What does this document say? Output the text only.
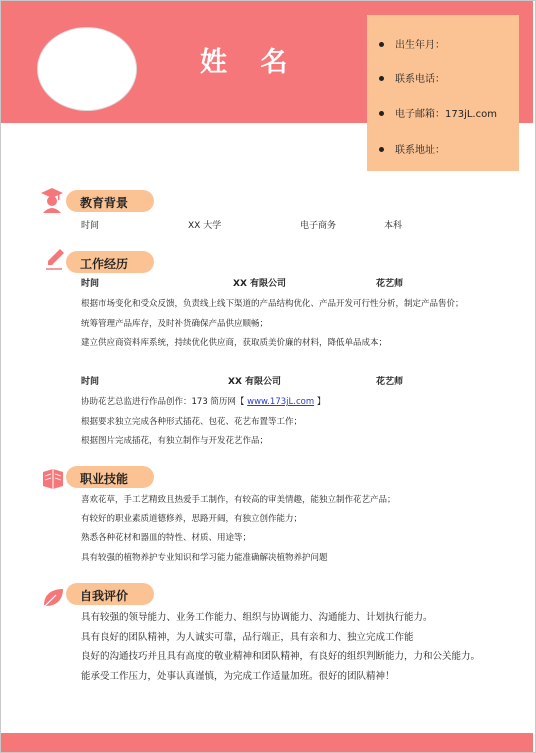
姓 名
出生年月：
联系电话：
电子邮箱：173jL.com
联系地址：
教育背景
时间	XX 大学	电子商务	本科
工作经历
时间	XX 有限公司	花艺师
根据市场变化和受众反馈，负责线上线下渠道的产品结构优化、产品开发可行性分析，制定产品售价；
统筹管理产品库存，及时补货确保产品供应顺畅；
建立供应商资料库系统，持续优化供应商，获取质美价廉的材料，降低单品成本；
时间	XX 有限公司	花艺师
协助花艺总监进行作品创作：173 简历网【 www.173jL.com 】
根据要求独立完成各种形式插花、包花、花艺布置等工作；
根据图片完成插花，有独立制作与开发花艺作品；
职业技能
喜欢花草，手工艺精致且热爱手工制作，有较高的审美情趣，能独立制作花艺产品；
有较好的职业素质道德修养，思路开阔，有独立创作能力；
熟悉各种花材和器皿的特性、材质、用途等；
具有较强的植物养护专业知识和学习能力能准确解决植物养护问题
自我评价
具有较强的领导能力、业务工作能力、组织与协调能力、沟通能力、计划执行能力。
具有良好的团队精神，为人诚实可靠，品行端正，具有亲和力、独立完成工作能
良好的沟通技巧并且具有高度的敬业精神和团队精神，有良好的组织判断能力，力和公关能力。
能承受工作压力，处事认真谨慎，为完成工作适量加班。很好的团队精神！
